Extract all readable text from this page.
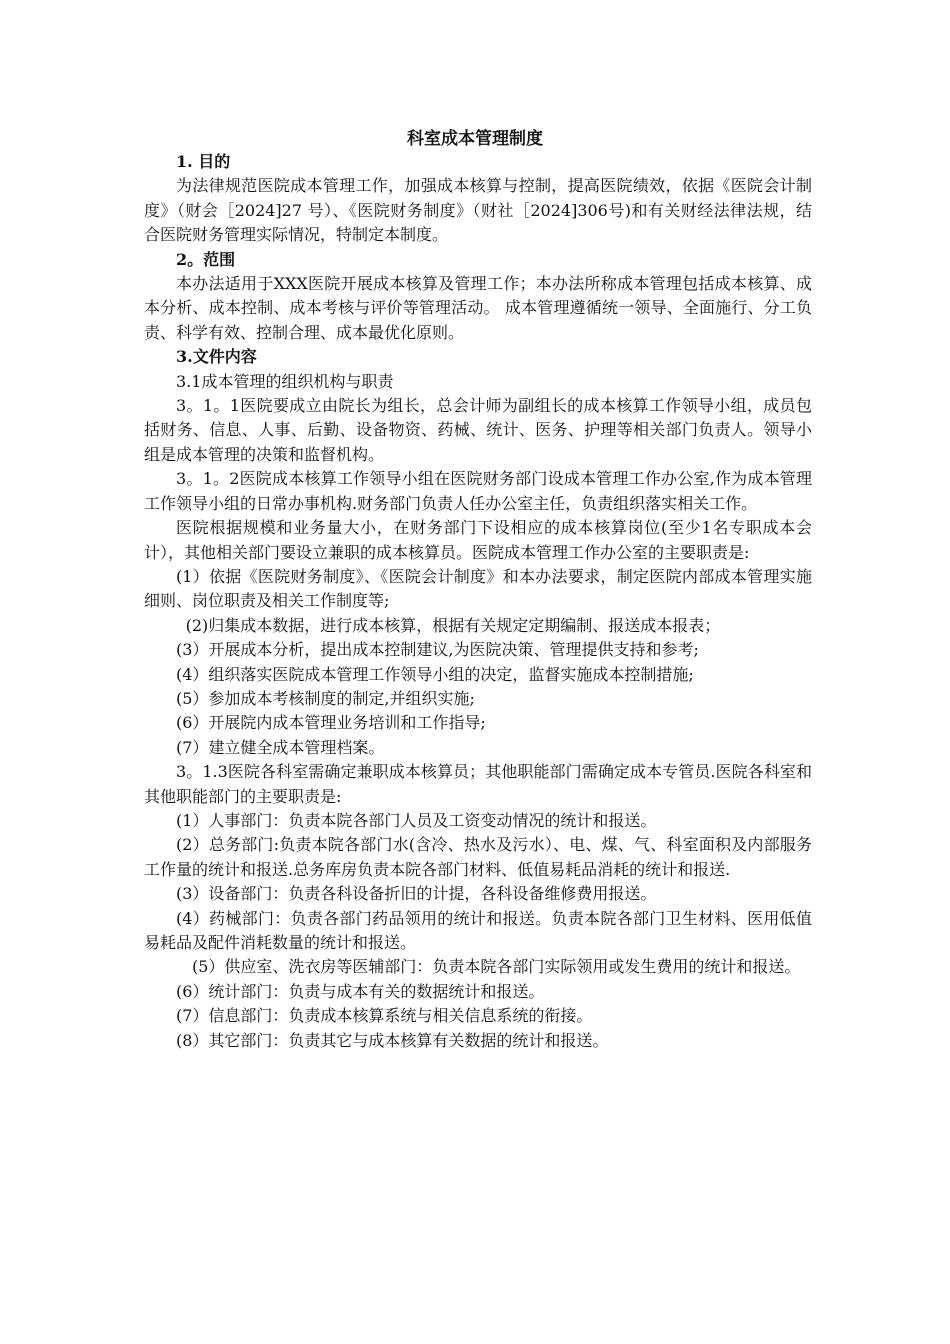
科室成本管理制度

1. 目的

为法律规范医院成本管理工作，加强成本核算与控制，提高医院绩效，依据《医院会计制度》（财会［2024]27 号）、《医院财务制度》（财社［2024]306号)和有关财经法律法规，结合医院财务管理实际情况，特制定本制度。

2。范围

本办法适用于XXX医院开展成本核算及管理工作；本办法所称成本管理包括成本核算、成本分析、成本控制、成本考核与评价等管理活动。 成本管理遵循统一领导、全面施行、分工负责、科学有效、控制合理、成本最优化原则。

3.文件内容

3.1成本管理的组织机构与职责

3。1。1医院要成立由院长为组长，总会计师为副组长的成本核算工作领导小组，成员包括财务、信息、人事、后勤、设备物资、药械、统计、医务、护理等相关部门负责人。领导小组是成本管理的决策和监督机构。

3。1。2医院成本核算工作领导小组在医院财务部门设成本管理工作办公室,作为成本管理工作领导小组的日常办事机构.财务部门负责人任办公室主任，负责组织落实相关工作。

医院根据规模和业务量大小，在财务部门下设相应的成本核算岗位(至少1名专职成本会计），其他相关部门要设立兼职的成本核算员。医院成本管理工作办公室的主要职责是:

(1）依据《医院财务制度》、《医院会计制度》和本办法要求，制定医院内部成本管理实施细则、岗位职责及相关工作制度等;

(2)归集成本数据，进行成本核算，根据有关规定定期编制、报送成本报表；

(3）开展成本分析，提出成本控制建议,为医院决策、管理提供支持和参考;

(4）组织落实医院成本管理工作领导小组的决定，监督实施成本控制措施;

(5）参加成本考核制度的制定,并组织实施;

(6）开展院内成本管理业务培训和工作指导;

(7）建立健全成本管理档案。

3。1.3医院各科室需确定兼职成本核算员；其他职能部门需确定成本专管员.医院各科室和其他职能部门的主要职责是:

(1）人事部门：负责本院各部门人员及工资变动情况的统计和报送。

(2）总务部门:负责本院各部门水(含冷、热水及污水）、电、煤、气、科室面积及内部服务工作量的统计和报送.总务库房负责本院各部门材料、低值易耗品消耗的统计和报送.

(3）设备部门：负责各科设备折旧的计提，各科设备维修费用报送。

(4）药械部门：负责各部门药品领用的统计和报送。负责本院各部门卫生材料、医用低值易耗品及配件消耗数量的统计和报送。

(5）供应室、洗衣房等医辅部门：负责本院各部门实际领用或发生费用的统计和报送。

(6）统计部门：负责与成本有关的数据统计和报送。

(7）信息部门：负责成本核算系统与相关信息系统的衔接。

(8）其它部门：负责其它与成本核算有关数据的统计和报送。
